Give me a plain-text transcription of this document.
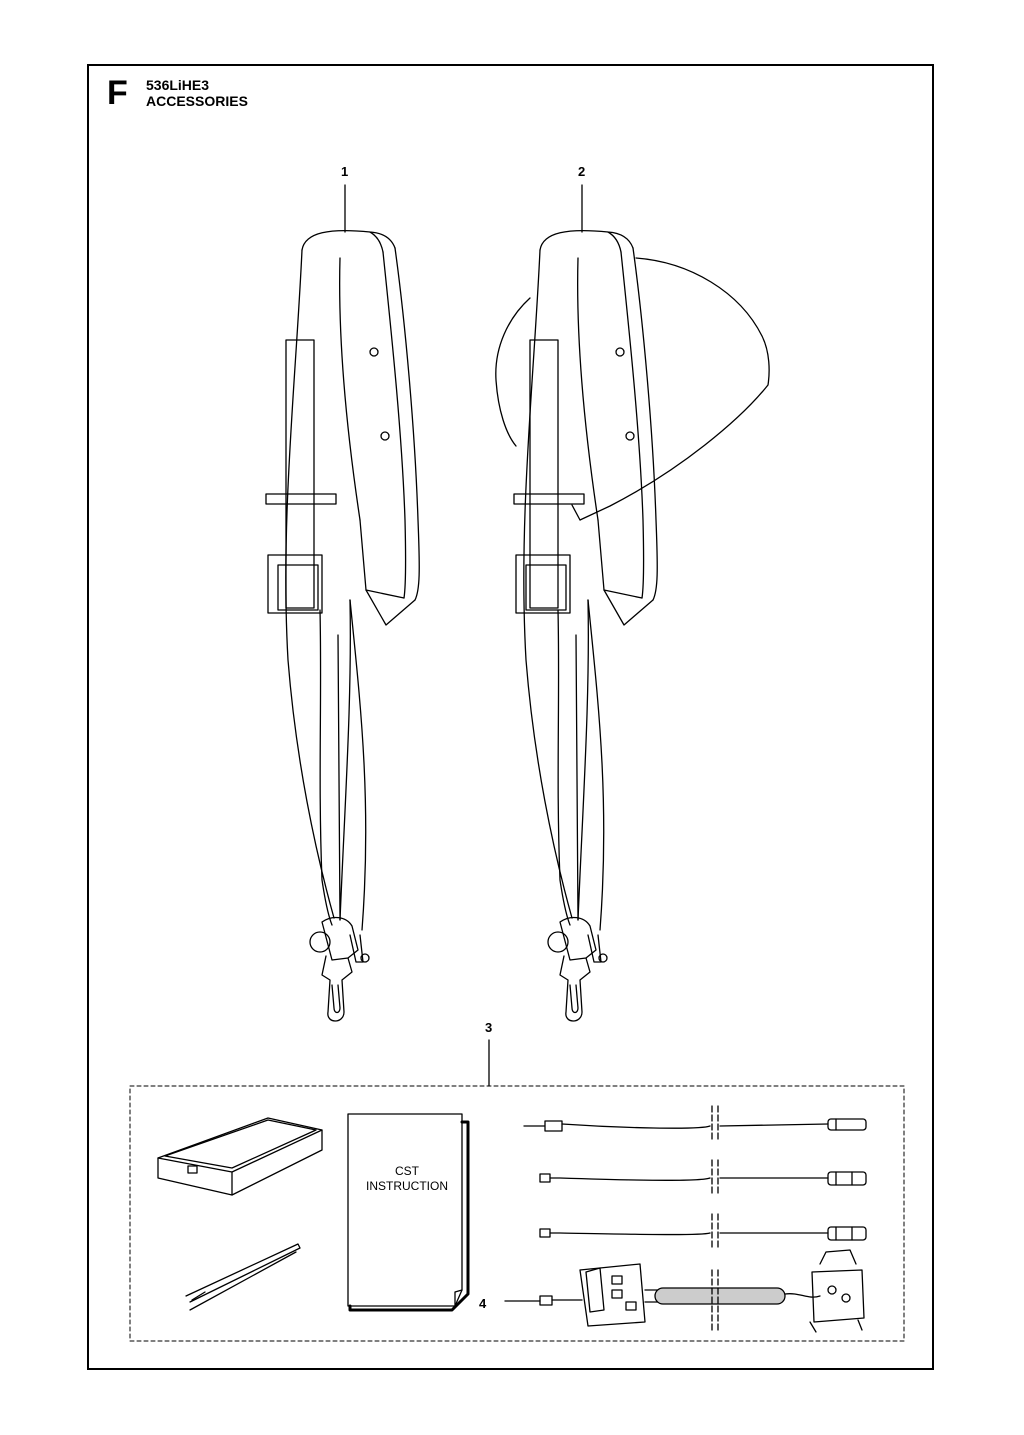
F 536LiHE3
ACCESSORIES
1	2
3
4
CST
INSTRUCTION
